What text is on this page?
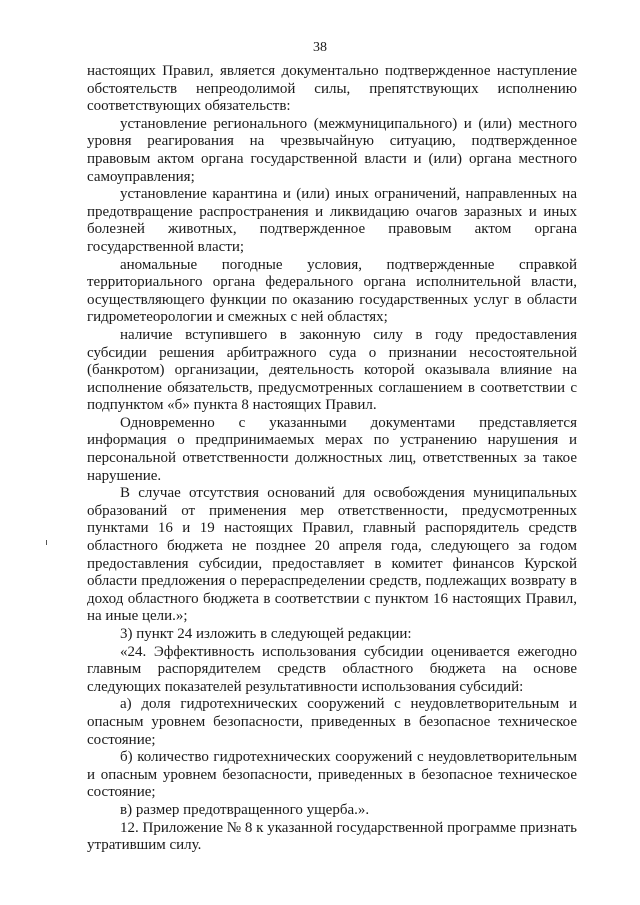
38

настоящих Правил, является документально подтвержденное наступление обстоятельств непреодолимой силы, препятствующих исполнению соответствующих обязательств:

установление регионального (межмуниципального) и (или) местного уровня реагирования на чрезвычайную ситуацию, подтвержденное правовым актом органа государственной власти и (или) органа местного самоуправления;

установление карантина и (или) иных ограничений, направленных на предотвращение распространения и ликвидацию очагов заразных и иных болезней животных, подтвержденное правовым актом органа государственной власти;

аномальные погодные условия, подтвержденные справкой территориального органа федерального органа исполнительной власти, осуществляющего функции по оказанию государственных услуг в области гидрометеорологии и смежных с ней областях;

наличие вступившего в законную силу в году предоставления субсидии решения арбитражного суда о признании несостоятельной (банкротом) организации, деятельность которой оказывала влияние на исполнение обязательств, предусмотренных соглашением в соответствии с подпунктом «б» пункта 8 настоящих Правил.

Одновременно с указанными документами представляется информация о предпринимаемых мерах по устранению нарушения и персональной ответственности должностных лиц, ответственных за такое нарушение.

В случае отсутствия оснований для освобождения муниципальных образований от применения мер ответственности, предусмотренных пунктами 16 и 19 настоящих Правил, главный распорядитель средств областного бюджета не позднее 20 апреля года, следующего за годом предоставления субсидии, предоставляет в комитет финансов Курской области предложения о перераспределении средств, подлежащих возврату в доход областного бюджета в соответствии с пунктом 16 настоящих Правил, на иные цели.»;

3) пункт 24 изложить в следующей редакции:

«24. Эффективность использования субсидии оценивается ежегодно главным распорядителем средств областного бюджета на основе следующих показателей результативности использования субсидий:

а) доля гидротехнических сооружений с неудовлетворительным и опасным уровнем безопасности, приведенных в безопасное техническое состояние;

б) количество гидротехнических сооружений с неудовлетворительным и опасным уровнем безопасности, приведенных в безопасное техническое состояние;

в) размер предотвращенного ущерба.».

12. Приложение № 8 к указанной государственной программе признать утратившим силу.
